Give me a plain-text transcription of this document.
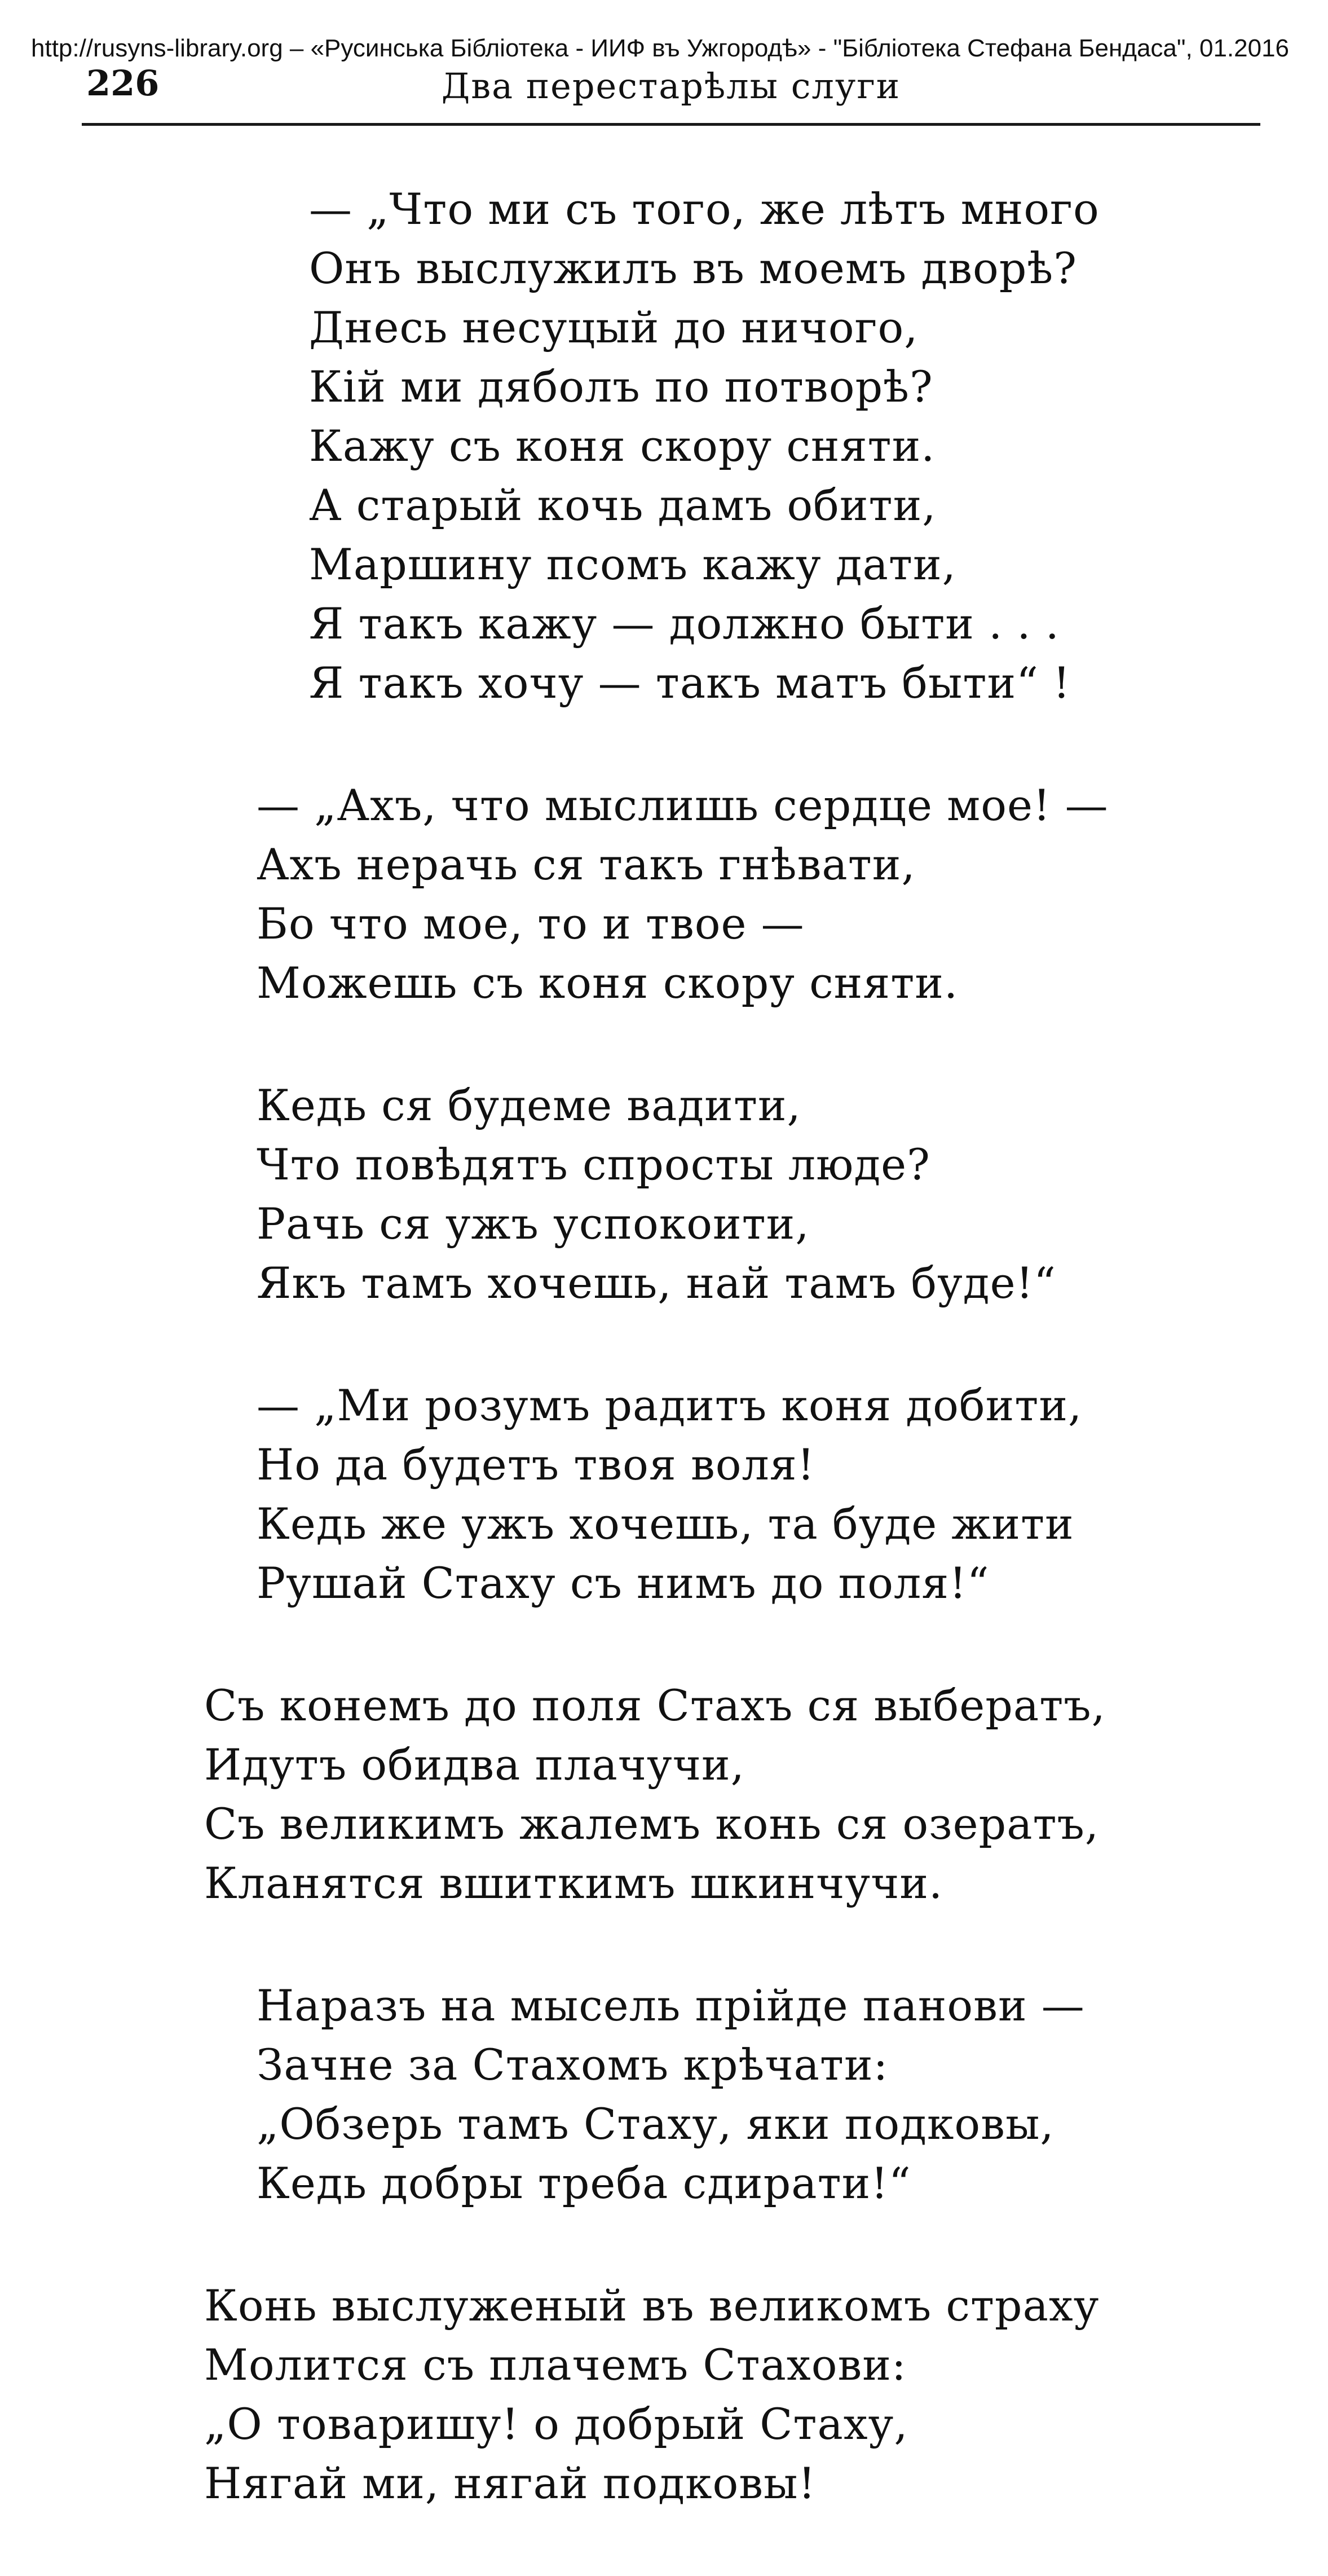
http://rusyns-library.org – «Русинська Бібліотека - ИИФ въ Ужгородѣ» - "Бібліотека Стефана Бендаса", 01.2016
226	Два перестарѣлы слуги
— „Что ми съ того, же лѣтъ много
Онъ выслужилъ въ моемъ дворѣ?
Днесь несуцый до ничого,
Кій ми дяболъ по потворѣ?
Кажу съ коня скору сняти.
А старый кочь дамъ обити,
Маршину псомъ кажу дати,
Я такъ кажу — должно быти . . .
Я такъ хочу — такъ матъ быти“ !
— „Ахъ, что мыслишь сердце мое! —
Ахъ нерачь ся такъ гнѣвати,
Бо что мое, то и твое —
Можешь съ коня скору сняти.
Кедь ся будеме вадити,
Что повѣдятъ спросты люде?
Рачь ся ужъ успокоити,
Якъ тамъ хочешь, най тамъ буде!“
— „Ми розумъ радитъ коня добити,
Но да будетъ твоя воля!
Кедь же ужъ хочешь, та буде жити
Рушай Стаху съ нимъ до поля!“
Съ конемъ до поля Стахъ ся выбератъ,
Идутъ обидва плачучи,
Съ великимъ жалемъ конь ся озератъ,
Кланятся вшиткимъ шкинчучи.
Наразъ на мысель прійде панови —
Зачне за Стахомъ крѣчати:
„Обзерь тамъ Стаху, яки подковы,
Кедь добры треба сдирати!“
Конь выслуженый въ великомъ страху
Молится съ плачемъ Стахови:
„О товаришу! о добрый Стаху,
Нягай ми, нягай подковы!
